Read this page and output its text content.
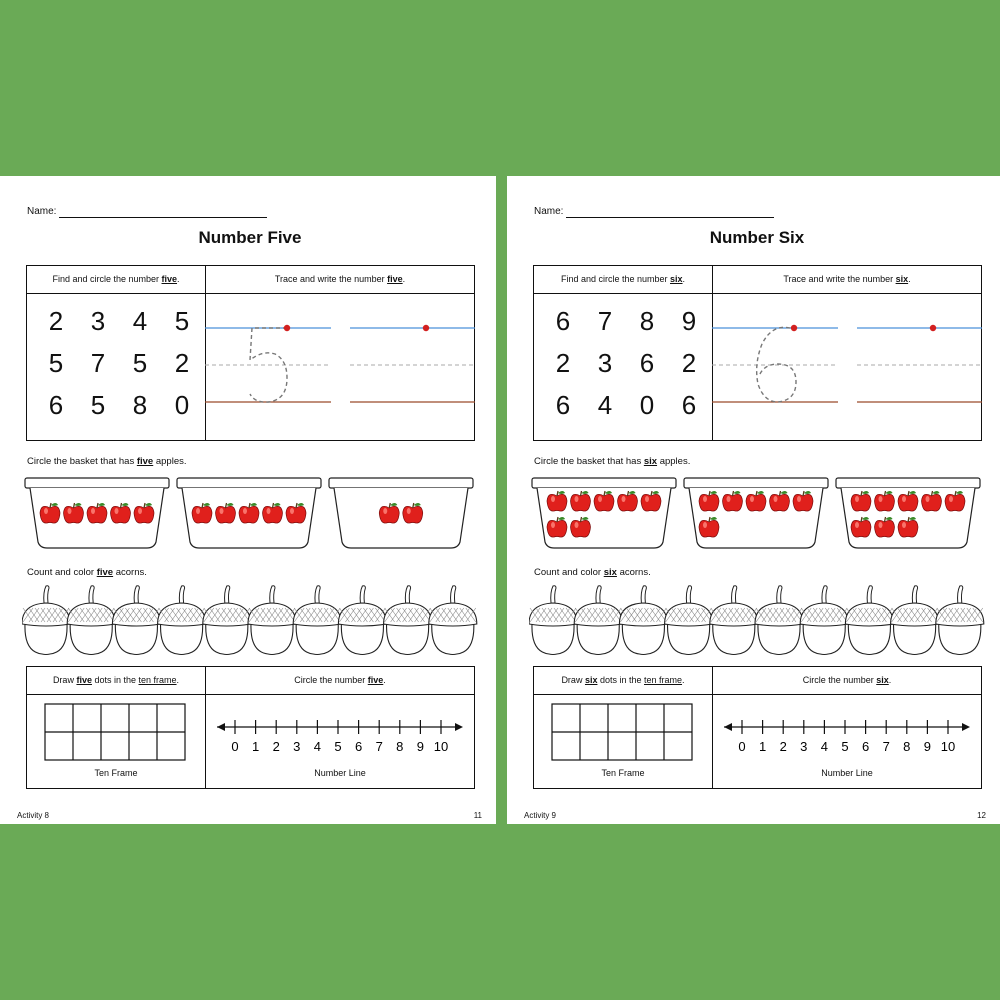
Name:
Number Five
Find and circle the number five.	Trace and write the number five.
2	3	4	5
5	7	5	2
6	5	8	0
Circle the basket that has five apples.
Count and color five acorns.
Draw five dots in the ten frame.	Circle the number five.
Ten Frame
0 1 2 3 4 5 6 7 8 9 10
Number Line
Activity 8	11
Name:
Number Six
Find and circle the number six.	Trace and write the number six.
6	7	8	9
2	3	6	2
6	4	0	6
Circle the basket that has six apples.
Count and color six acorns.
Draw six dots in the ten frame.	Circle the number six.
Ten Frame
0 1 2 3 4 5 6 7 8 9 10
Number Line
Activity 9	12
